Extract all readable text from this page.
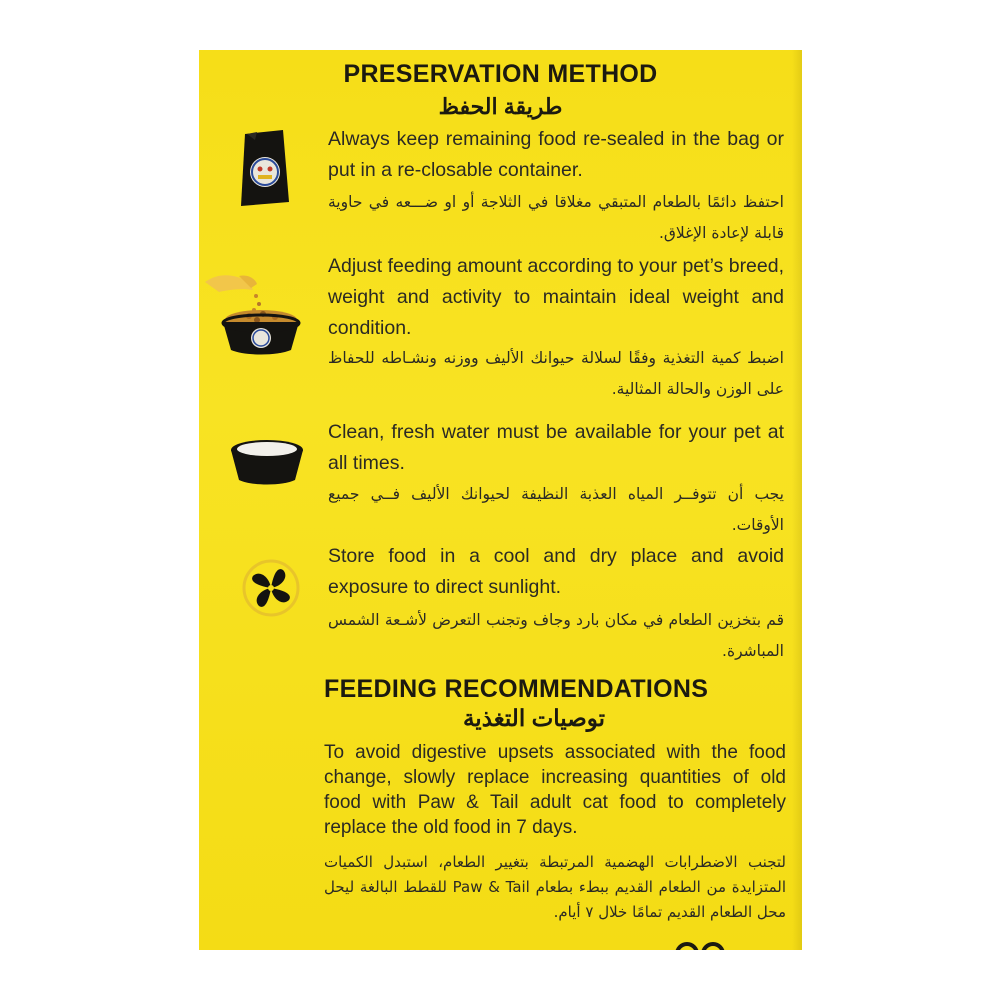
PRESERVATION METHOD
طريقة الحفظ
Always keep remaining food re-sealed in the bag or put in a re-closable container.
احتفظ دائمًا بالطعام المتبقي مغلاقا في الثلاجة أو او ضـــعه في حاوية قابلة لإعادة الإغلاق.
Adjust feeding amount according to your pet’s breed, weight and activity to maintain ideal weight and condition.
اضبط كمية التغذية وفقًا لسلالة حيوانك الأليف ووزنه ونشـاطه للحفاظ على الوزن والحالة المثالية.
Clean, fresh water must be available for your pet at all times.
يجب أن تتوفــر المياه العذبة النظيفة لحيوانك الأليف فــي جميع الأوقات.
Store food in a cool and dry place and avoid exposure to direct sunlight.
قم بتخزين الطعام في مكان بارد وجاف وتجنب التعرض لأشـعة الشمس المباشرة.
FEEDING RECOMMENDATIONS
توصيات التغذية
To avoid digestive upsets associated with the food change, slowly replace increasing quantities of old food with Paw & Tail adult cat food to completely replace the old food in 7 days.
لتجنب الاضطرابات الهضمية المرتبطة بتغيير الطعام، استبدل الكميات المتزايدة من الطعام القديم ببطء بطعام Paw & Tail للقطط البالغة ليحل محل الطعام القديم تمامًا خلال ٧ أيام.
